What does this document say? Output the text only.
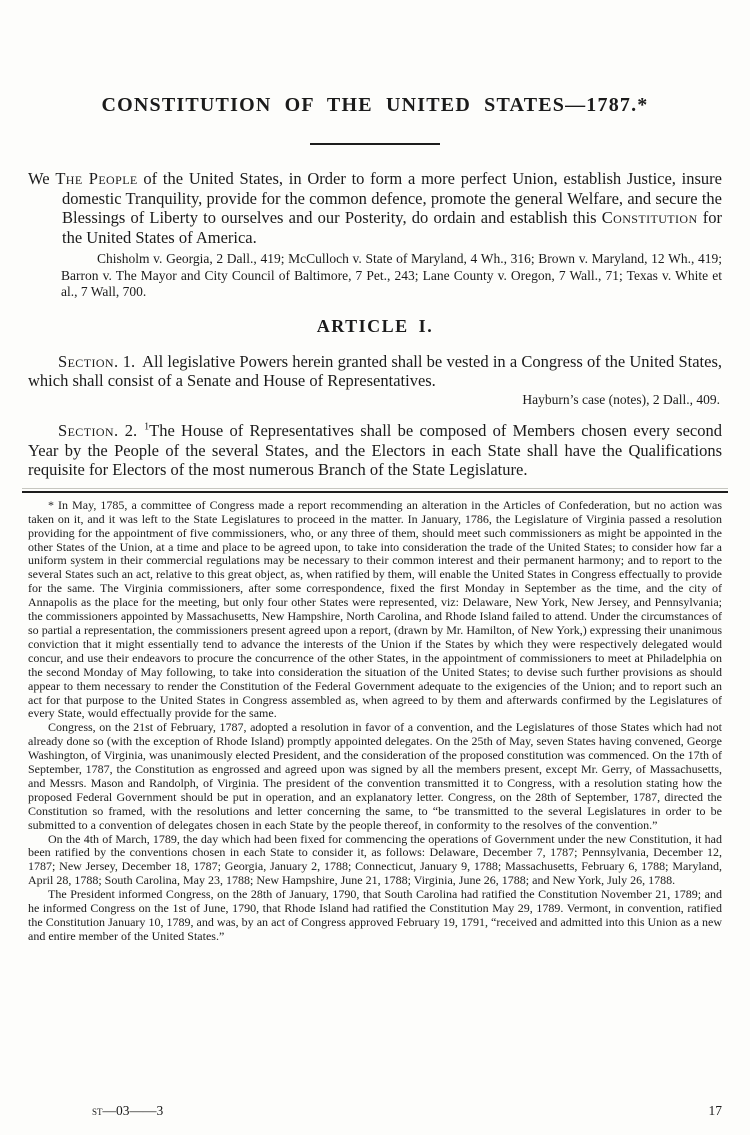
CONSTITUTION OF THE UNITED STATES—1787.*

We The People of the United States, in Order to form a more perfect Union, establish Justice, insure domestic Tranquility, provide for the common defence, promote the general Welfare, and secure the Blessings of Liberty to ourselves and our Posterity, do ordain and establish this Constitution for the United States of America.

Chisholm v. Georgia, 2 Dall., 419; McCulloch v. State of Maryland, 4 Wh., 316; Brown v. Maryland, 12 Wh., 419; Barron v. The Mayor and City Council of Baltimore, 7 Pet., 243; Lane County v. Oregon, 7 Wall., 71; Texas v. White et al., 7 Wall, 700.

ARTICLE I.

Section. 1. All legislative Powers herein granted shall be vested in a Congress of the United States, which shall consist of a Senate and House of Representatives.

Hayburn’s case (notes), 2 Dall., 409.

Section. 2. $^1$The House of Representatives shall be composed of Members chosen every second Year by the People of the several States, and the Electors in each State shall have the Qualifications requisite for Electors of the most numerous Branch of the State Legislature.

* In May, 1785, a committee of Congress made a report recommending an alteration in the Articles of Confederation, but no action was taken on it, and it was left to the State Legislatures to proceed in the matter. In January, 1786, the Legislature of Virginia passed a resolution providing for the appointment of five commissioners, who, or any three of them, should meet such commissioners as might be appointed in the other States of the Union, at a time and place to be agreed upon, to take into consideration the trade of the United States; to consider how far a uniform system in their commercial regulations may be necessary to their common interest and their permanent harmony; and to report to the several States such an act, relative to this great object, as, when ratified by them, will enable the United States in Congress effectually to provide for the same. The Virginia commissioners, after some correspondence, fixed the first Monday in September as the time, and the city of Annapolis as the place for the meeting, but only four other States were represented, viz: Delaware, New York, New Jersey, and Pennsylvania; the commissioners appointed by Massachusetts, New Hampshire, North Carolina, and Rhode Island failed to attend. Under the circumstances of so partial a representation, the commissioners present agreed upon a report, (drawn by Mr. Hamilton, of New York,) expressing their unanimous conviction that it might essentially tend to advance the interests of the Union if the States by which they were respectively delegated would concur, and use their endeavors to procure the concurrence of the other States, in the appointment of commissioners to meet at Philadelphia on the second Monday of May following, to take into consideration the situation of the United States; to devise such further provisions as should appear to them necessary to render the Constitution of the Federal Government adequate to the exigencies of the Union; and to report such an act for that purpose to the United States in Congress assembled as, when agreed to by them and afterwards confirmed by the Legislatures of every State, would effectually provide for the same.

Congress, on the 21st of February, 1787, adopted a resolution in favor of a convention, and the Legislatures of those States which had not already done so (with the exception of Rhode Island) promptly appointed delegates. On the 25th of May, seven States having convened, George Washington, of Virginia, was unanimously elected President, and the consideration of the proposed constitution was commenced. On the 17th of September, 1787, the Constitution as engrossed and agreed upon was signed by all the members present, except Mr. Gerry, of Massachusetts, and Messrs. Mason and Randolph, of Virginia. The president of the convention transmitted it to Congress, with a resolution stating how the proposed Federal Government should be put in operation, and an explanatory letter. Congress, on the 28th of September, 1787, directed the Constitution so framed, with the resolutions and letter concerning the same, to “be transmitted to the several Legislatures in order to be submitted to a convention of delegates chosen in each State by the people thereof, in conformity to the resolves of the convention.”

On the 4th of March, 1789, the day which had been fixed for commencing the operations of Government under the new Constitution, it had been ratified by the conventions chosen in each State to consider it, as follows: Delaware, December 7, 1787; Pennsylvania, December 12, 1787; New Jersey, December 18, 1787; Georgia, January 2, 1788; Connecticut, January 9, 1788; Massachusetts, February 6, 1788; Maryland, April 28, 1788; South Carolina, May 23, 1788; New Hampshire, June 21, 1788; Virginia, June 26, 1788; and New York, July 26, 1788.

The President informed Congress, on the 28th of January, 1790, that South Carolina had ratified the Constitution November 21, 1789; and he informed Congress on the 1st of June, 1790, that Rhode Island had ratified the Constitution May 29, 1789. Vermont, in convention, ratified the Constitution January 10, 1789, and was, by an act of Congress approved February 19, 1791, “received and admitted into this Union as a new and entire member of the United States.”

st—03——3	17
